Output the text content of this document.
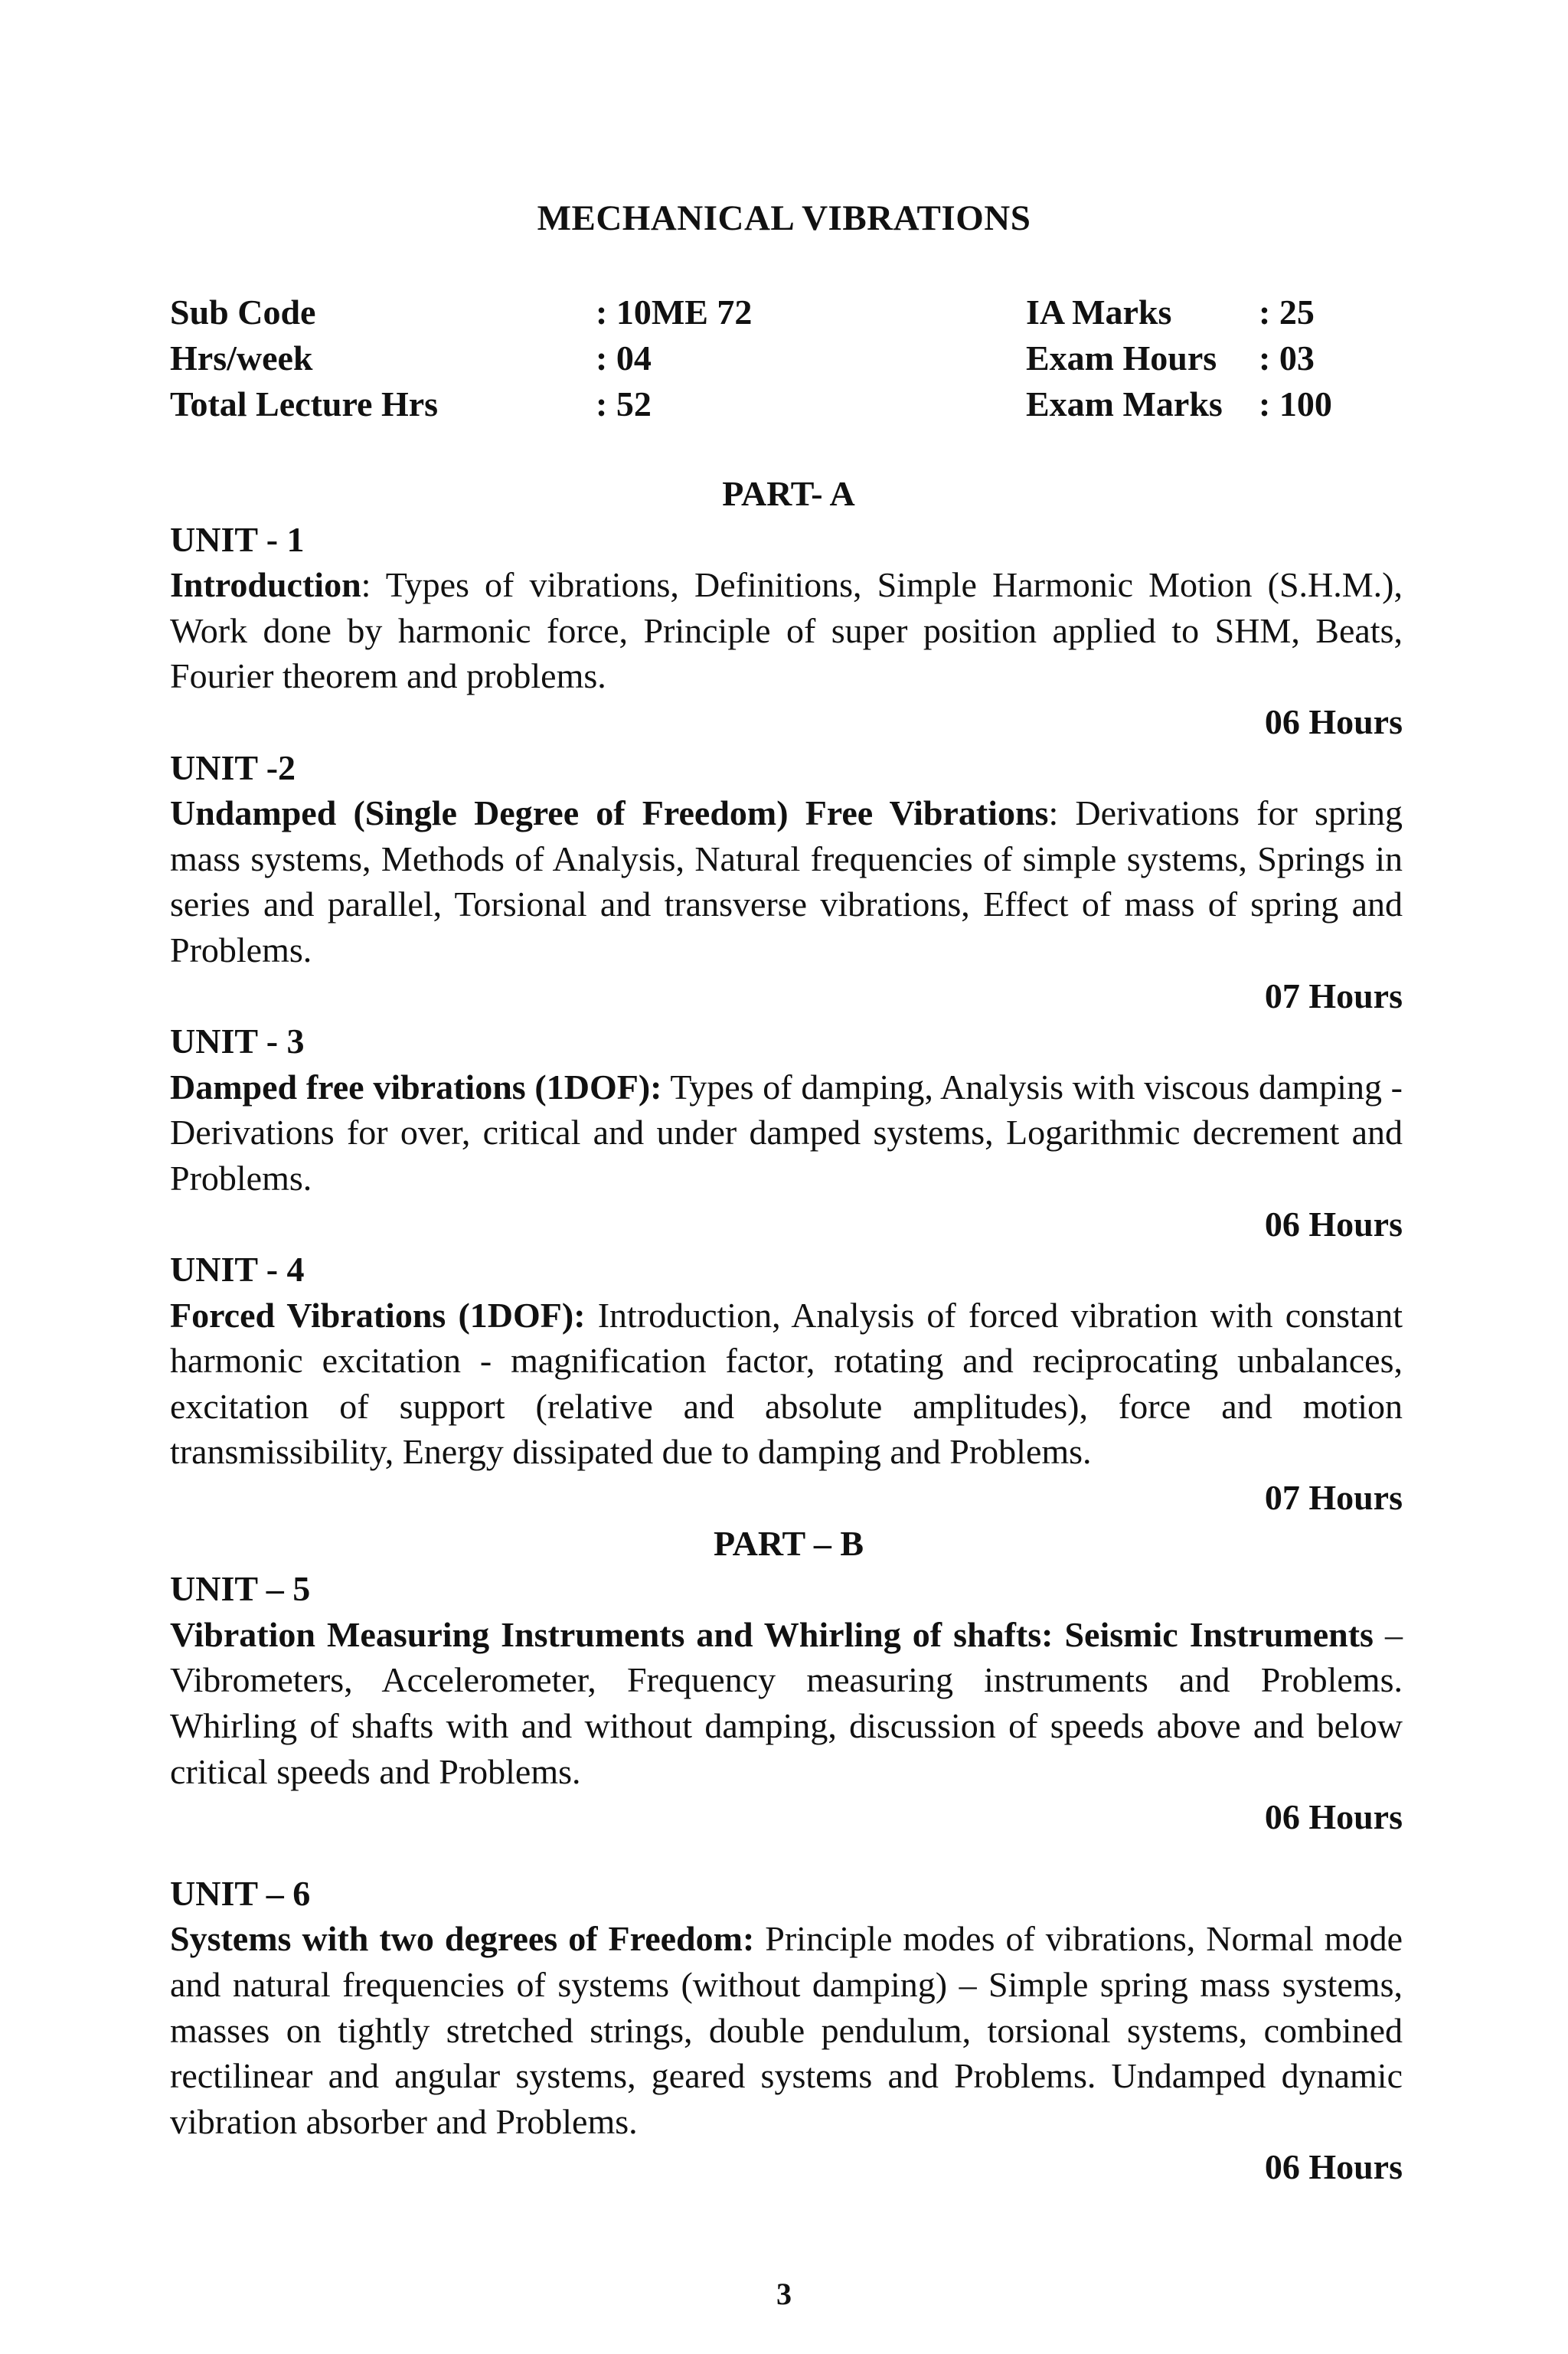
MECHANICAL VIBRATIONS
Sub Code	: 10ME 72	IA Marks : 25
Hrs/week	: 04	Exam Hours : 03
Total Lecture Hrs	: 52	Exam Marks : 100

PART- A

UNIT - 1

Introduction: Types of vibrations, Definitions, Simple Harmonic Motion (S.H.M.), Work done by harmonic force, Principle of super position applied to SHM, Beats, Fourier theorem and problems.

06 Hours

UNIT -2

Undamped (Single Degree of Freedom) Free Vibrations: Derivations for spring mass systems, Methods of Analysis, Natural frequencies of simple systems, Springs in series and parallel, Torsional and transverse vibrations, Effect of mass of spring and Problems.

07 Hours

UNIT - 3

Damped free vibrations (1DOF): Types of damping, Analysis with viscous damping - Derivations for over, critical and under damped systems, Logarithmic decrement and Problems.

06 Hours

UNIT - 4

Forced Vibrations (1DOF): Introduction, Analysis of forced vibration with constant harmonic excitation - magnification factor, rotating and reciprocating unbalances, excitation of support (relative and absolute amplitudes), force and motion transmissibility, Energy dissipated due to damping and Problems.

07 Hours

PART – B

UNIT – 5

Vibration Measuring Instruments and Whirling of shafts: Seismic Instruments – Vibrometers, Accelerometer, Frequency measuring instruments and Problems. Whirling of shafts with and without damping, discussion of speeds above and below critical speeds and Problems.

06 Hours

UNIT – 6

Systems with two degrees of Freedom: Principle modes of vibrations, Normal mode and natural frequencies of systems (without damping) – Simple spring mass systems, masses on tightly stretched strings, double pendulum, torsional systems, combined rectilinear and angular systems, geared systems and Problems. Undamped dynamic vibration absorber and Problems.

06 Hours

3
